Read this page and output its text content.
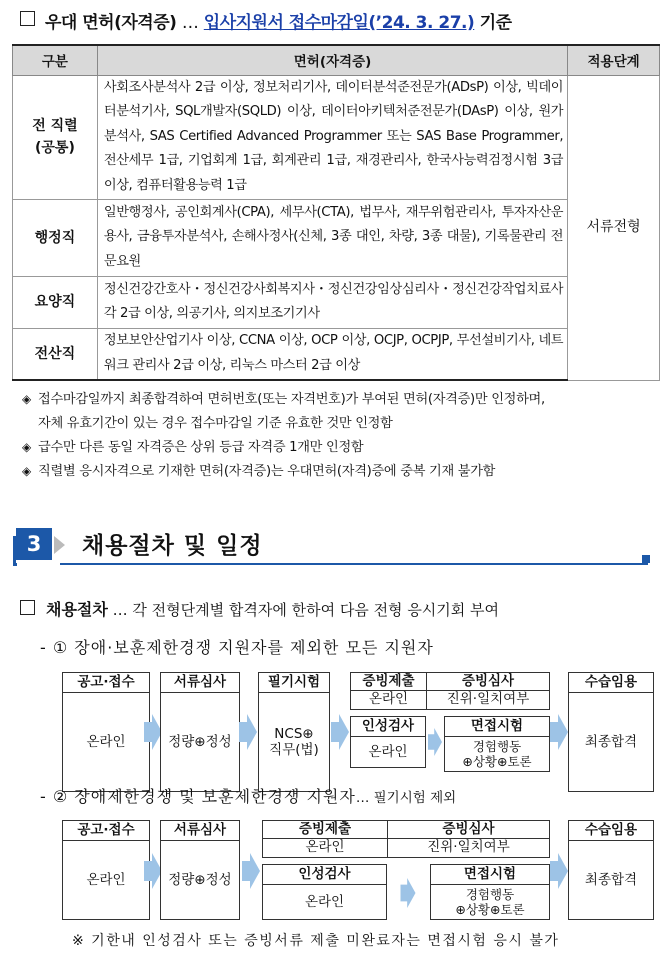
우대 면허(자격증) … 입사지원서 접수마감일(’24. 3. 27.) 기준
구분	면허(자격증)	적용단계

전 직렬
(공통)	사회조사분석사 2급 이상, 정보처리기사, 데이터분석준전문가(ADsP) 이상, 빅데이터분석기사, SQL개발자(SQLD) 이상, 데이터아키텍처준전문가(DAsP) 이상, 원가분석사, SAS Certified Advanced Programmer 또는 SAS Base Programmer, 전산세무 1급, 기업회계 1급, 회계관리 1급, 재경관리사, 한국사능력검정시험 3급 이상, 컴퓨터활용능력 1급	서류전형
행정직	일반행정사, 공인회계사(CPA), 세무사(CTA), 법무사, 재무위험관리사, 투자자산운용사, 금융투자분석사, 손해사정사(신체, 3종 대인, 차량, 3종 대물), 기록물관리 전문요원	
요양직	정신건강간호사・정신건강사회복지사・정신건강임상심리사・정신건강작업치료사 각 2급 이상, 의공기사, 의지보조기기사	
전산직	정보보안산업기사 이상, CCNA 이상, OCP 이상, OCJP, OCPJP, 무선설비기사, 네트워크 관리사 2급 이상, 리눅스 마스터 2급 이상	
◈ 접수마감일까지 최종합격하여 면허번호(또는 자격번호)가 부여된 면허(자격증)만 인정하며,
자체 유효기간이 있는 경우 접수마감일 기준 유효한 것만 인정함
◈ 급수만 다른 동일 자격증은 상위 등급 자격증 1개만 인정함
◈ 직렬별 응시자격으로 기재한 면허(자격증)는 우대면허(자격)증에 중복 기재 불가함
3	채용절차 및 일정
채용절차 … 각 전형단계별 합격자에 한하여 다음 전형 응시기회 부여
- ① 장애·보훈제한경쟁 지원자를 제외한 모든 지원자
공고·접수
온라인
서류심사
정량⊕정성
필기시험
NCS⊕
직무(법)
증빙제출	증빙심사
온라인	진위·일치여부
인성검사
온라인
면접시험
경험행동
⊕상황⊕토론
수습임용
최종합격
- ② 장애제한경쟁 및 보훈제한경쟁 지원자… 필기시험 제외
공고·접수
온라인
서류심사
정량⊕정성
증빙제출	증빙심사
온라인	진위·일치여부
인성검사
온라인
면접시험
경험행동
⊕상황⊕토론
수습임용
최종합격
※ 기한내 인성검사 또는 증빙서류 제출 미완료자는 면접시험 응시 불가
